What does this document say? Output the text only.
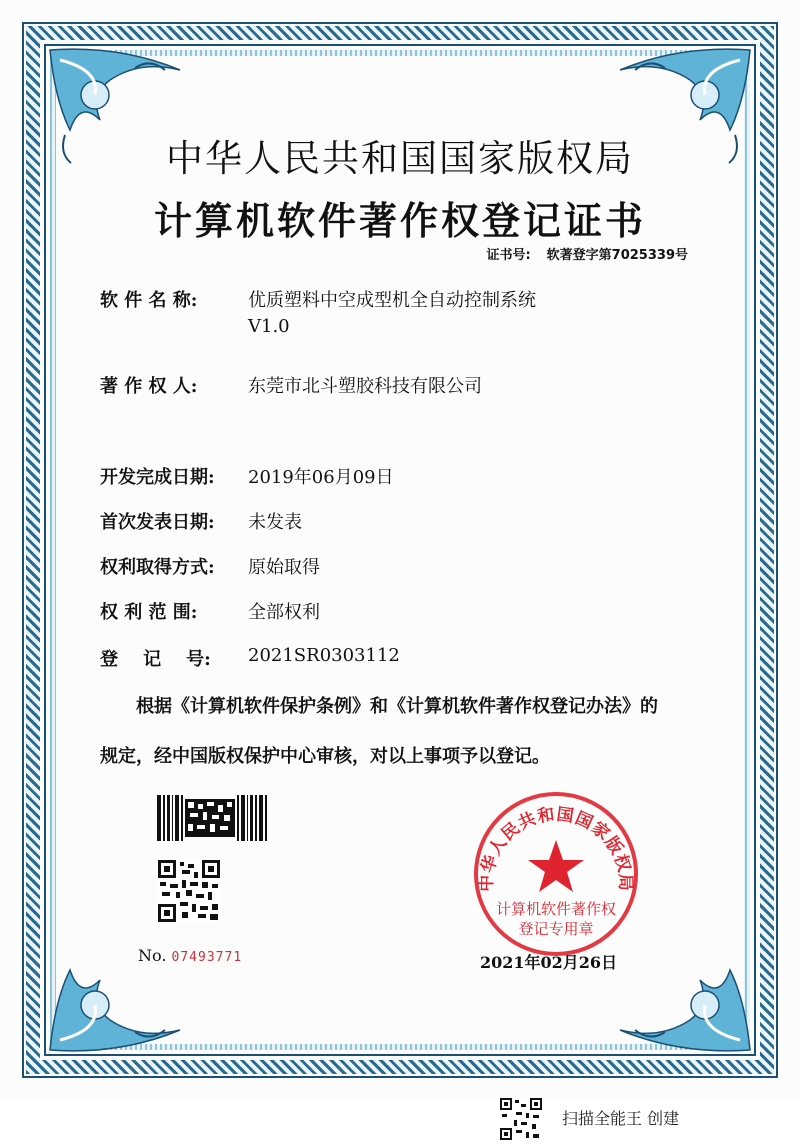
中华人民共和国国家版权局
计算机软件著作权登记证书
证书号: 软著登字第7025339号
软 件 名 称:	优质塑料中空成型机全自动控制系统
V1.0
著 作 权 人:	东莞市北斗塑胶科技有限公司
开发完成日期: 2019年06月09日
首次发表日期: 未发表
权利取得方式: 原始取得
权 利 范 围:	全部权利
登    记    号: 2021SR0303112
根据《计算机软件保护条例》和《计算机软件著作权登记办法》的
规定，经中国版权保护中心审核，对以上事项予以登记。
No. 07493771
中华人民共和国国家版权局
计算机软件著作权
登记专用章
2021年02月26日
扫描全能王 创建
